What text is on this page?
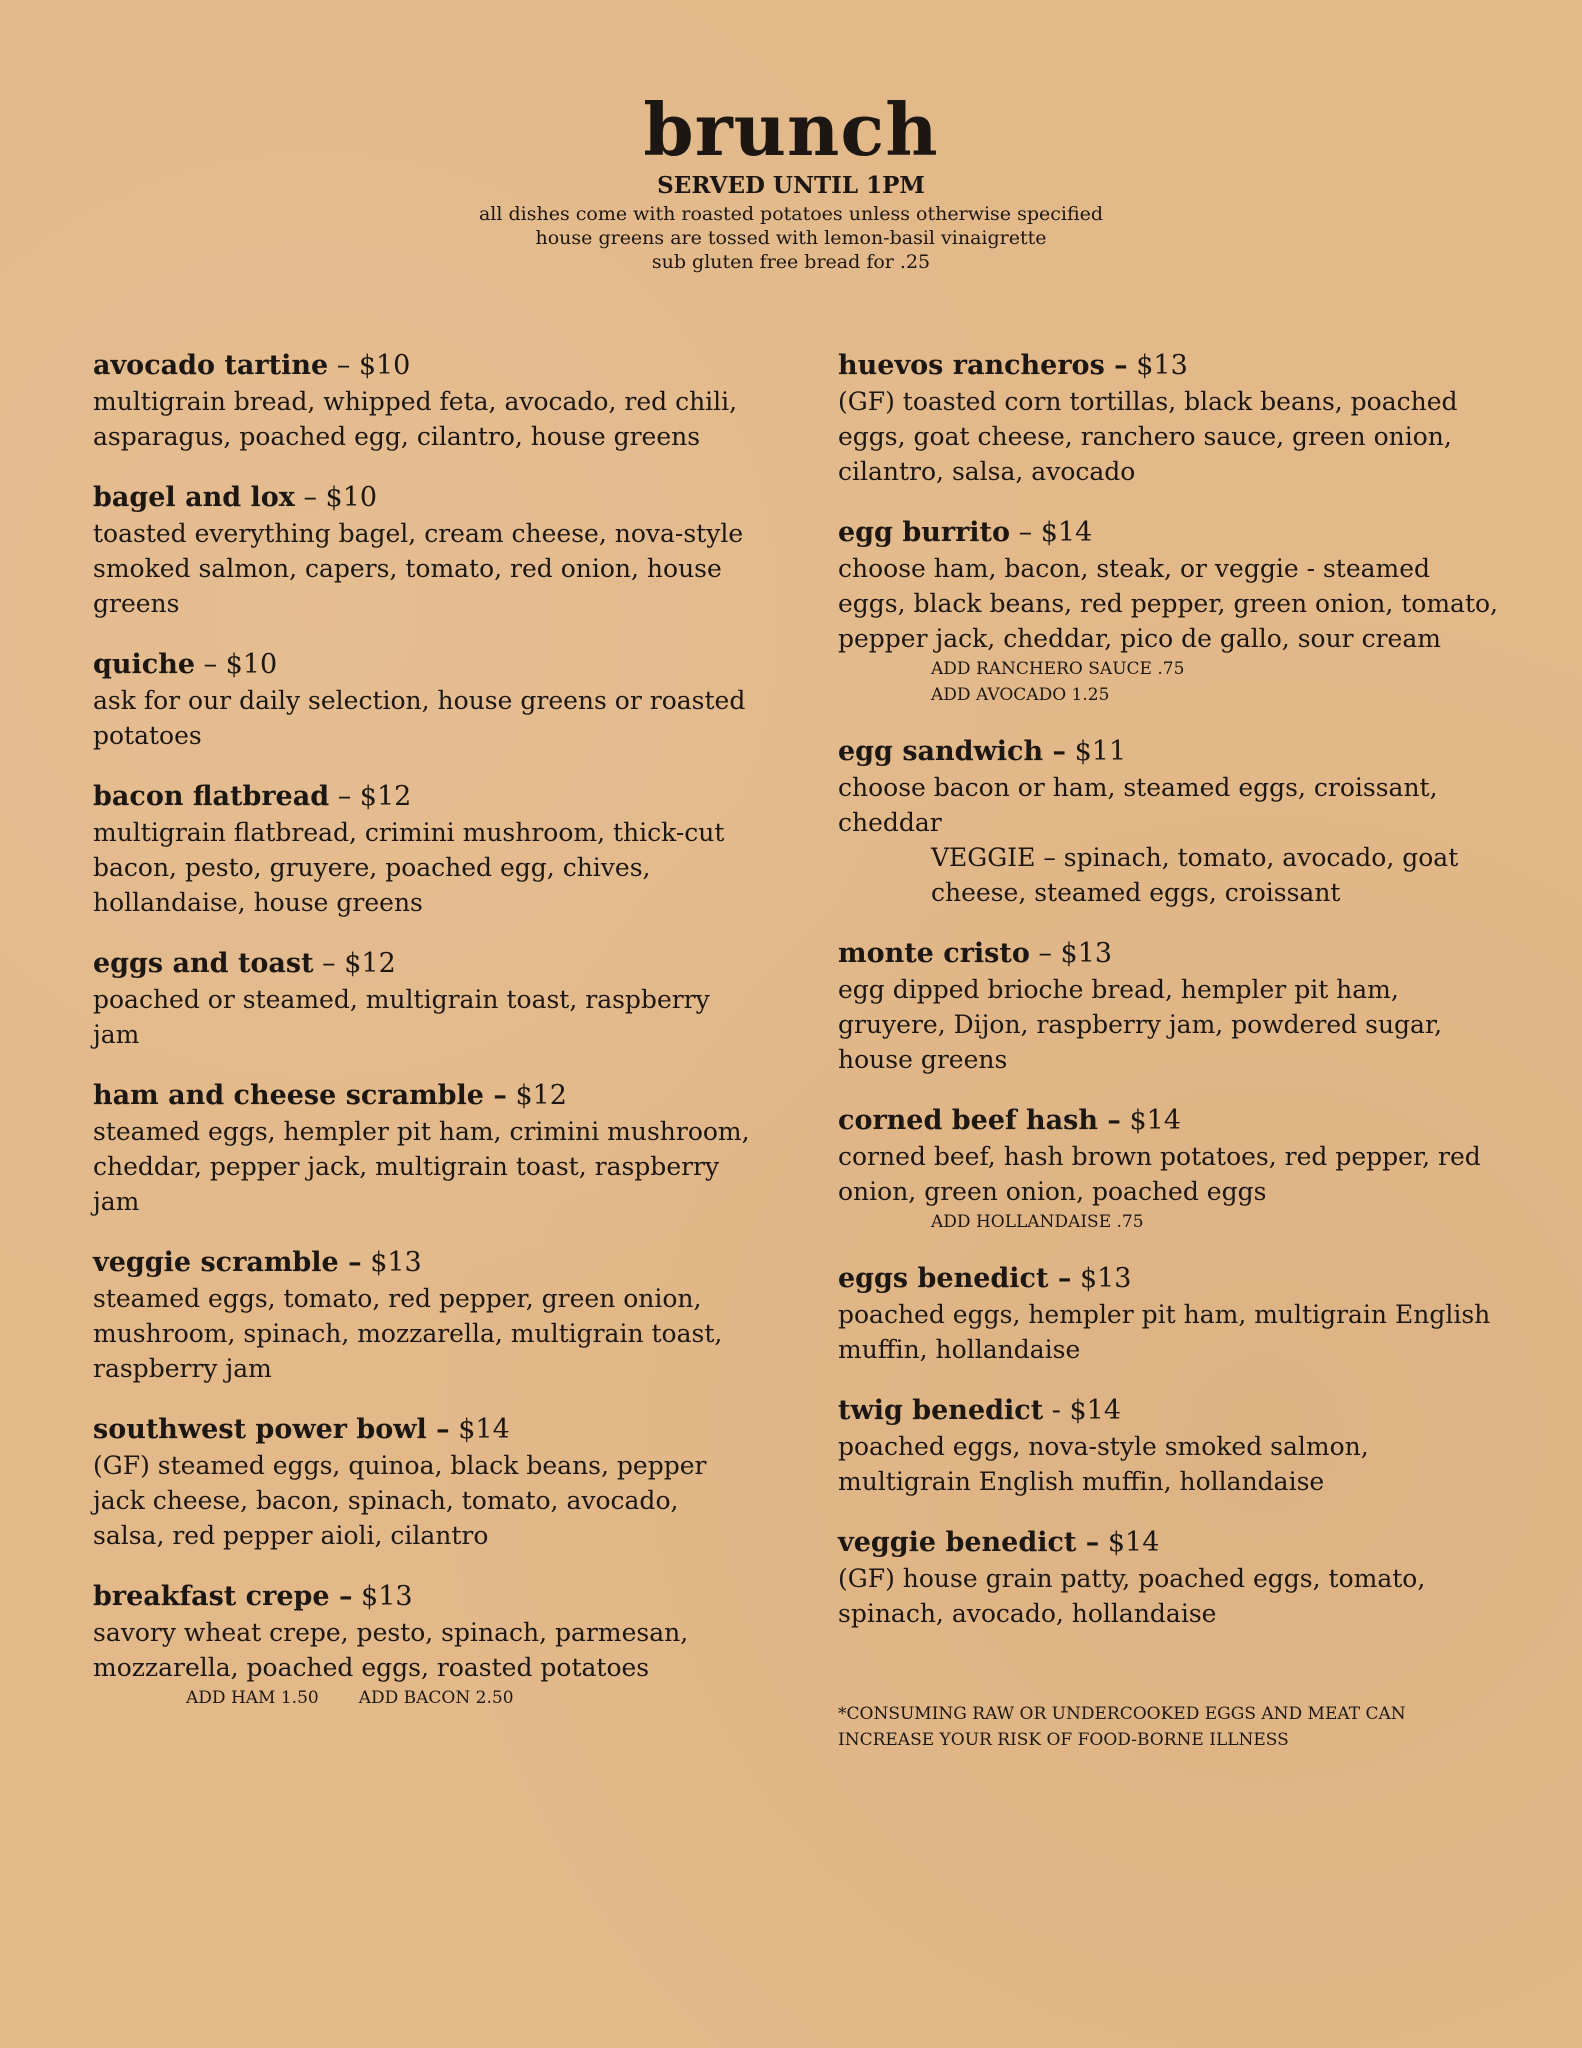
brunch
SERVED UNTIL 1PM
all dishes come with roasted potatoes unless otherwise specified
house greens are tossed with lemon-basil vinaigrette
sub gluten free bread for .25
avocado tartine – $10
multigrain bread, whipped feta, avocado, red chili, asparagus, poached egg, cilantro, house greens
bagel and lox – $10
toasted everything bagel, cream cheese, nova-style smoked salmon, capers, tomato, red onion, house greens
quiche – $10
ask for our daily selection, house greens or roasted potatoes
bacon flatbread – $12
multigrain flatbread, crimini mushroom, thick-cut bacon, pesto, gruyere, poached egg, chives, hollandaise, house greens
eggs and toast – $12
poached or steamed, multigrain toast, raspberry jam
ham and cheese scramble – $12
steamed eggs, hempler pit ham, crimini mushroom, cheddar, pepper jack, multigrain toast, raspberry jam
veggie scramble – $13
steamed eggs, tomato, red pepper, green onion, mushroom, spinach, mozzarella, multigrain toast, raspberry jam
southwest power bowl – $14
(GF) steamed eggs, quinoa, black beans, pepper jack cheese, bacon, spinach, tomato, avocado, salsa, red pepper aioli, cilantro
breakfast crepe – $13
savory wheat crepe, pesto, spinach, parmesan, mozzarella, poached eggs, roasted potatoes
ADD HAM 1.50 ADD BACON 2.50
huevos rancheros – $13
(GF) toasted corn tortillas, black beans, poached eggs, goat cheese, ranchero sauce, green onion, cilantro, salsa, avocado
egg burrito – $14
choose ham, bacon, steak, or veggie - steamed eggs, black beans, red pepper, green onion, tomato, pepper jack, cheddar, pico de gallo, sour cream
ADD RANCHERO SAUCE .75
ADD AVOCADO 1.25
egg sandwich – $11
choose bacon or ham, steamed eggs, croissant, cheddar
VEGGIE – spinach, tomato, avocado, goat cheese, steamed eggs, croissant
monte cristo – $13
egg dipped brioche bread, hempler pit ham, gruyere, Dijon, raspberry jam, powdered sugar, house greens
corned beef hash – $14
corned beef, hash brown potatoes, red pepper, red onion, green onion, poached eggs
ADD HOLLANDAISE .75
eggs benedict – $13
poached eggs, hempler pit ham, multigrain English muffin, hollandaise
twig benedict - $14
poached eggs, nova-style smoked salmon, multigrain English muffin, hollandaise
veggie benedict – $14
(GF) house grain patty, poached eggs, tomato, spinach, avocado, hollandaise
*CONSUMING RAW OR UNDERCOOKED EGGS AND MEAT CAN INCREASE YOUR RISK OF FOOD-BORNE ILLNESS
